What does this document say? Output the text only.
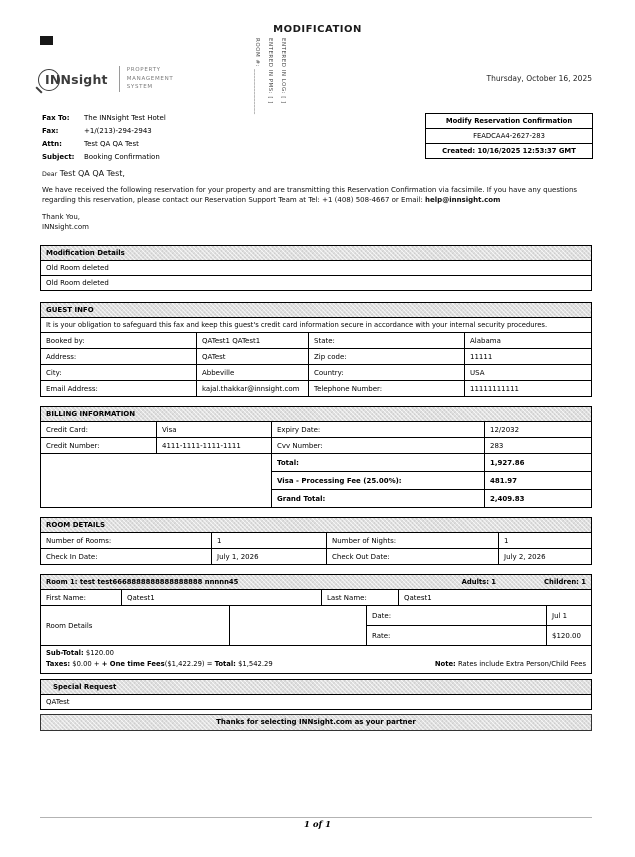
MODIFICATION
INNsight
PROPERTY
MANAGEMENT
SYSTEM	ROOM #: ______________ ENTERED IN PMS: [ ] ENTERED IN LOG: [ ]	Thursday, October 16, 2025
Fax To: The INNsight Test Hotel
Fax:	+1/(213)-294-2943
Attn:	Test QA QA Test
Subject: Booking Confirmation
Modify Reservation Confirmation
FEADCAA4-2627-283
Created: 10/16/2025 12:53:37 GMT
Dear Test QA QA Test,
We have received the following reservation for your property and are transmitting this Reservation Confirmation via facsimile. If you have any questions regarding this reservation, please contact our Reservation Support Team at Tel: +1 (408) 508-4667 or Email: help@innsight.com
Thank You,
INNsight.com
Modification Details
Old Room deleted
Old Room deleted
GUEST INFO
It is your obligation to safeguard this fax and keep this guest's credit card information secure in accordance with your internal security procedures.
Booked by:	QATest1 QATest1	State:	Alabama
Address:	QATest	Zip code:	11111
City:	Abbeville	Country:	USA
Email Address:	kajal.thakkar@innsight.com	Telephone Number:	11111111111
BILLING INFORMATION
Credit Card:	Visa	Expiry Date:	12/2032
Credit Number:	4111-1111-1111-1111	Cvv Number:	283
Total:	1,927.86
Visa - Processing Fee (25.00%):	481.97
Grand Total:	2,409.83
ROOM DETAILS
Number of Rooms:	1	Number of Nights:	1
Check In Date:	July 1, 2026	Check Out Date:	July 2, 2026
Room 1: test test6668888888888888888 nnnnn45	Adults: 1	Children: 1
First Name:	Qatest1	Last Name:	Qatest1
Room Details
Date:	Jul 1
Rate:	$120.00
Sub-Total: $120.00
Taxes: $0.00 + + One time Fees($1,422.29) = Total: $1,542.29	Note: Rates include Extra Person/Child Fees
Special Request
QATest
Thanks for selecting INNsight.com as your partner
1 of 1
